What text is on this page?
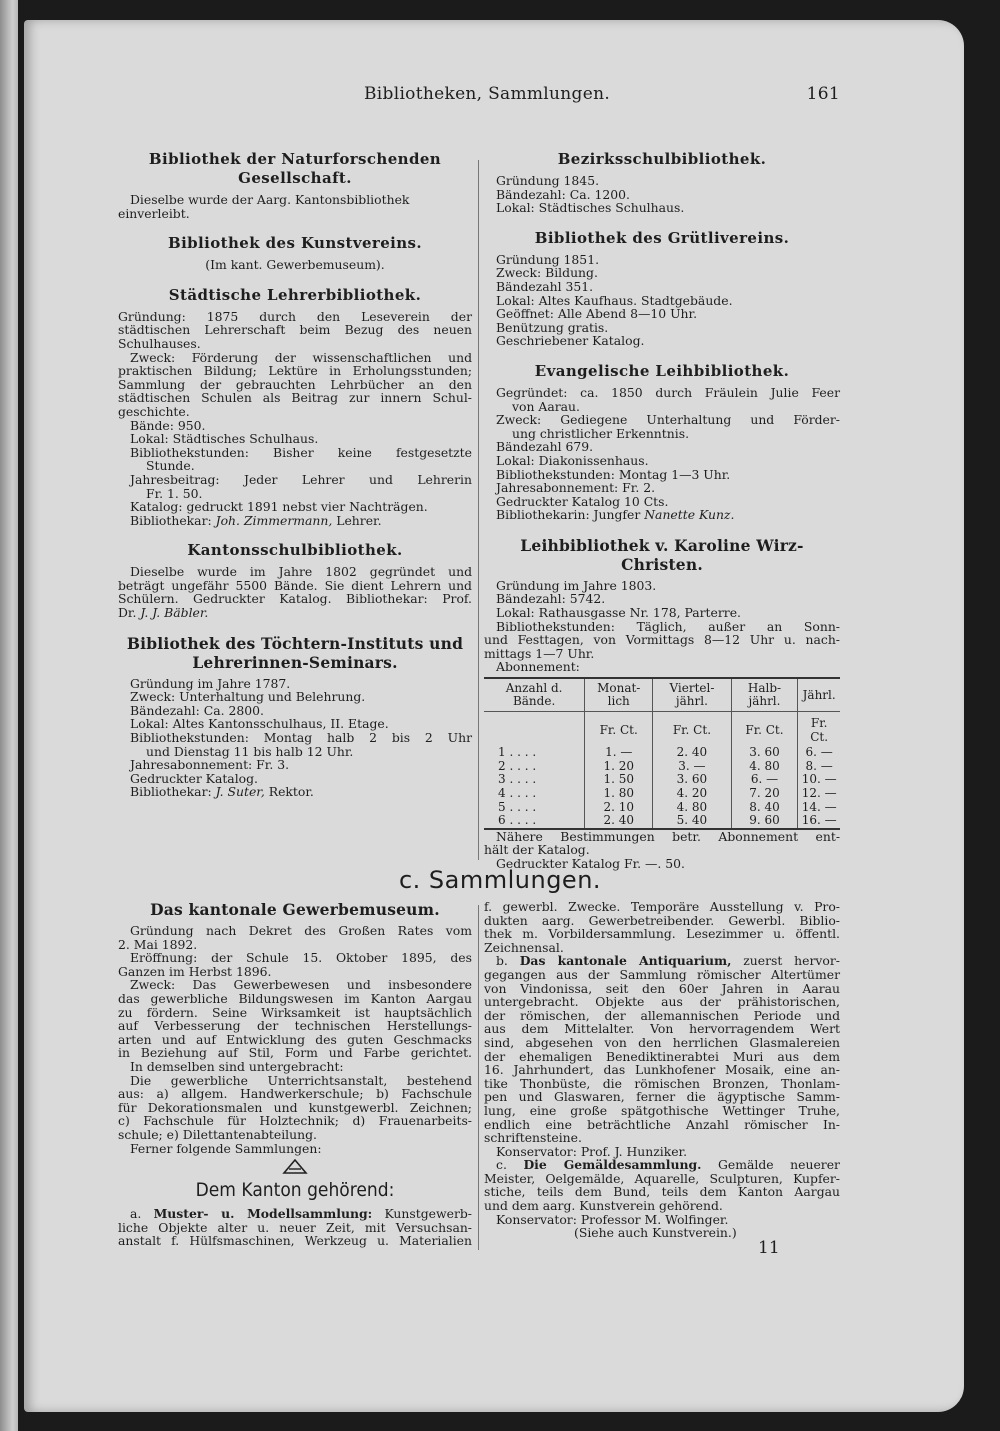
Bibliotheken, Sammlungen.	161
Bibliothek der Naturforschenden
Gesellschaft.
Dieselbe wurde der Aarg. Kantonsbibliothek
einverleibt.
Bibliothek des Kunstvereins.
(Im kant. Gewerbemuseum).
Städtische Lehrerbibliothek.
Gründung: 1875 durch den Leseverein der
städtischen Lehrerschaft beim Bezug des neuen
Schulhauses.
Zweck: Förderung der wissenschaftlichen und
praktischen Bildung; Lektüre in Erholungsstunden;
Sammlung der gebrauchten Lehrbücher an den
städtischen Schulen als Beitrag zur innern Schul-
geschichte.
Bände: 950.
Lokal: Städtisches Schulhaus.
Bibliothekstunden: Bisher keine festgesetzte
Stunde.
Jahresbeitrag: Jeder Lehrer und Lehrerin
Fr. 1. 50.
Katalog: gedruckt 1891 nebst vier Nachträgen.
Bibliothekar: Joh. Zimmermann, Lehrer.
Kantonsschulbibliothek.
Dieselbe wurde im Jahre 1802 gegründet und
beträgt ungefähr 5500 Bände. Sie dient Lehrern und
Schülern. Gedruckter Katalog. Bibliothekar: Prof.
Dr. J. J. Bäbler.
Bibliothek des Töchtern-Instituts und
Lehrerinnen-Seminars.
Gründung im Jahre 1787.
Zweck: Unterhaltung und Belehrung.
Bändezahl: Ca. 2800.
Lokal: Altes Kantonsschulhaus, II. Etage.
Bibliothekstunden: Montag halb 2 bis 2 Uhr
und Dienstag 11 bis halb 12 Uhr.
Jahresabonnement: Fr. 3.
Gedruckter Katalog.
Bibliothekar: J. Suter, Rektor.
Bezirksschulbibliothek.
Gründung 1845.
Bändezahl: Ca. 1200.
Lokal: Städtisches Schulhaus.
Bibliothek des Grütlivereins.
Gründung 1851.
Zweck: Bildung.
Bändezahl 351.
Lokal: Altes Kaufhaus. Stadtgebäude.
Geöffnet: Alle Abend 8—10 Uhr.
Benützung gratis.
Geschriebener Katalog.
Evangelische Leihbibliothek.
Gegründet: ca. 1850 durch Fräulein Julie Feer
von Aarau.
Zweck: Gediegene Unterhaltung und Förder-
ung christlicher Erkenntnis.
Bändezahl 679.
Lokal: Diakonissenhaus.
Bibliothekstunden: Montag 1—3 Uhr.
Jahresabonnement: Fr. 2.
Gedruckter Katalog 10 Cts.
Bibliothekarin: Jungfer Nanette Kunz.
Leihbibliothek v. Karoline Wirz-Christen.
Gründung im Jahre 1803.
Bändezahl: 5742.
Lokal: Rathausgasse Nr. 178, Parterre.
Bibliothekstunden: Täglich, außer an Sonn-
und Festtagen, von Vormittags 8—12 Uhr u. nach-
mittags 1—7 Uhr.
Abonnement:
Anzahl d. Bände.	Monat-lich	Viertel-jährl.	Halb-jährl.	Jährl.
	Fr. Ct.	Fr. Ct.	Fr. Ct.	Fr. Ct.
1 . . . .	1. —	2. 40	3. 60	6. —
2 . . . .	1. 20	3. —	4. 80	8. —
3 . . . .	1. 50	3. 60	6. —	10. —
4 . . . .	1. 80	4. 20	7. 20	12. —
5 . . . .	2. 10	4. 80	8. 40	14. —
6 . . . .	2. 40	5. 40	9. 60	16. —
Nähere Bestimmungen betr. Abonnement ent-
hält der Katalog.
Gedruckter Katalog Fr. —. 50.
c. Sammlungen.
Das kantonale Gewerbemuseum.
Gründung nach Dekret des Großen Rates vom
2. Mai 1892.
Eröffnung: der Schule 15. Oktober 1895, des
Ganzen im Herbst 1896.
Zweck: Das Gewerbewesen und insbesondere
das gewerbliche Bildungswesen im Kanton Aargau
zu fördern. Seine Wirksamkeit ist hauptsächlich
auf Verbesserung der technischen Herstellungs-
arten und auf Entwicklung des guten Geschmacks
in Beziehung auf Stil, Form und Farbe gerichtet.
In demselben sind untergebracht:
Die gewerbliche Unterrichtsanstalt, bestehend
aus: a) allgem. Handwerkerschule; b) Fachschule
für Dekorationsmalen und kunstgewerbl. Zeichnen;
c) Fachschule für Holztechnik; d) Frauenarbeits-
schule; e) Dilettantenabteilung.
Ferner folgende Sammlungen:
A
Dem Kanton gehörend:
a. Muster- u. Modellsammlung: Kunstgewerb-
liche Objekte alter u. neuer Zeit, mit Versuchsan-
anstalt f. Hülfsmaschinen, Werkzeug u. Materialien
f. gewerbl. Zwecke. Temporäre Ausstellung v. Pro-
dukten aarg. Gewerbetreibender. Gewerbl. Biblio-
thek m. Vorbildersammlung. Lesezimmer u. öffentl.
Zeichnensal.
b. Das kantonale Antiquarium, zuerst hervor-
gegangen aus der Sammlung römischer Altertümer
von Vindonissa, seit den 60er Jahren in Aarau
untergebracht. Objekte aus der prähistorischen,
der römischen, der allemannischen Periode und
aus dem Mittelalter. Von hervorragendem Wert
sind, abgesehen von den herrlichen Glasmalereien
der ehemaligen Benediktinerabtei Muri aus dem
16. Jahrhundert, das Lunkhofener Mosaik, eine an-
tike Thonbüste, die römischen Bronzen, Thonlam-
pen und Glaswaren, ferner die ägyptische Samm-
lung, eine große spätgothische Wettinger Truhe,
endlich eine beträchtliche Anzahl römischer In-
schriftensteine.
Konservator: Prof. J. Hunziker.
c. Die Gemäldesammlung. Gemälde neuerer
Meister, Oelgemälde, Aquarelle, Sculpturen, Kupfer-
stiche, teils dem Bund, teils dem Kanton Aargau
und dem aarg. Kunstverein gehörend.
Konservator: Professor M. Wolfinger.
(Siehe auch Kunstverein.)
11
